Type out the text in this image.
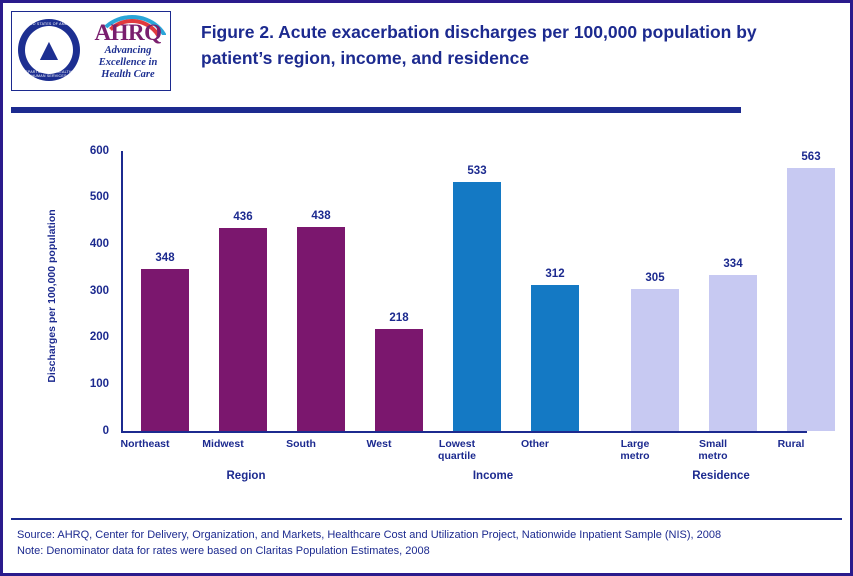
▲
UNITED STATES OF AMERICA
DEPARTMENT OF HEALTH & HUMAN SERVICES
AHRQ
Advancing
Excellence in
Health Care
Figure 2. Acute exacerbation discharges per 100,000 population by patient’s region, income, and residence
Discharges per 100,000 population
0
100
200
300
400
500
600
348
436	438
218
533
312	305
334
563
Northeast	Midwest	South	West	Lowest
quartile
Other	Large
metro
Small
metro
Rural
Region	Income	Residence
Source: AHRQ, Center for Delivery, Organization, and Markets, Healthcare Cost and Utilization Project, Nationwide Inpatient Sample (NIS), 2008
Note: Denominator data for rates were based on Claritas Population Estimates, 2008
